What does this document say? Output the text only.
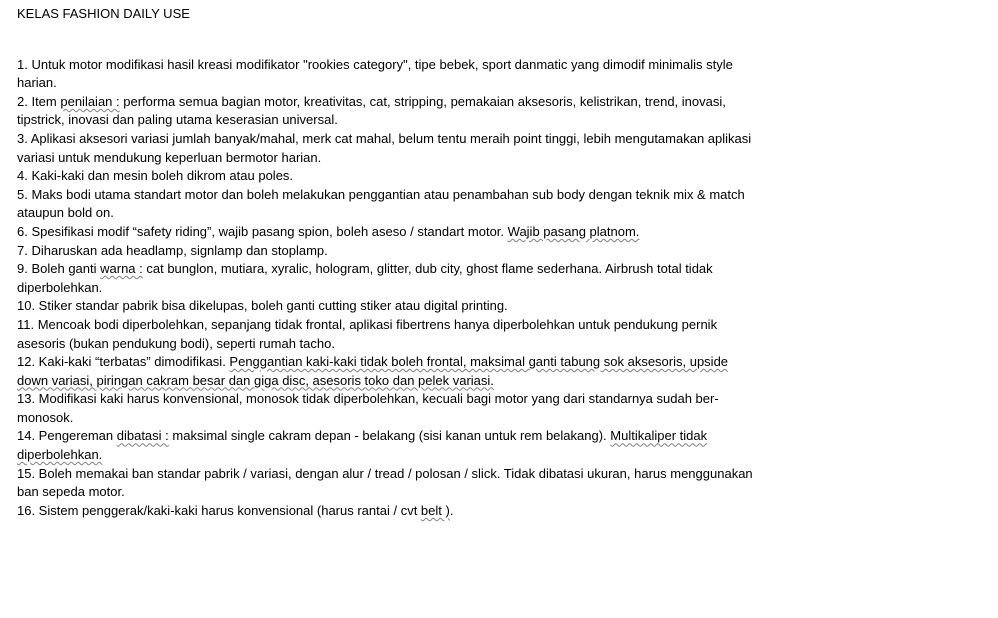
KELAS FASHION DAILY USE
1. Untuk motor modifikasi hasil kreasi modifikator "rookies category", tipe bebek, sport danmatic yang dimodif minimalis style harian.
2. Item penilaian : performa semua bagian motor, kreativitas, cat, stripping, pemakaian aksesoris, kelistrikan, trend, inovasi, tipstrick, inovasi dan paling utama keserasian universal.
3. Aplikasi aksesori variasi jumlah banyak/mahal, merk cat mahal, belum tentu meraih point tinggi, lebih mengutamakan aplikasi variasi untuk mendukung keperluan bermotor harian.
4. Kaki-kaki dan mesin boleh dikrom atau poles.
5. Maks bodi utama standart motor dan boleh melakukan penggantian atau penambahan sub body dengan teknik mix & match ataupun bold on.
6. Spesifikasi modif “safety riding”, wajib pasang spion, boleh aseso / standart motor. Wajib pasang platnom.
7. Diharuskan ada headlamp, signlamp dan stoplamp.
9. Boleh ganti warna : cat bunglon, mutiara, xyralic, hologram, glitter, dub city, ghost flame sederhana. Airbrush total tidak diperbolehkan.
10. Stiker standar pabrik bisa dikelupas, boleh ganti cutting stiker atau digital printing.
11. Mencoak bodi diperbolehkan, sepanjang tidak frontal, aplikasi fibertrens hanya diperbolehkan untuk pendukung pernik asesoris (bukan pendukung bodi), seperti rumah tacho.
12. Kaki-kaki “terbatas” dimodifikasi. Penggantian kaki-kaki tidak boleh frontal, maksimal ganti tabung sok aksesoris, upside down variasi, piringan cakram besar dan giga disc, asesoris toko dan pelek variasi.
13. Modifikasi kaki harus konvensional, monosok tidak diperbolehkan, kecuali bagi motor yang dari standarnya sudah ber-monosok.
14. Pengereman dibatasi : maksimal single cakram depan - belakang (sisi kanan untuk rem belakang). Multikaliper tidak diperbolehkan.
15. Boleh memakai ban standar pabrik / variasi, dengan alur / tread / polosan / slick. Tidak dibatasi ukuran, harus menggunakan ban sepeda motor.
16. Sistem penggerak/kaki-kaki harus konvensional (harus rantai / cvt belt ).
